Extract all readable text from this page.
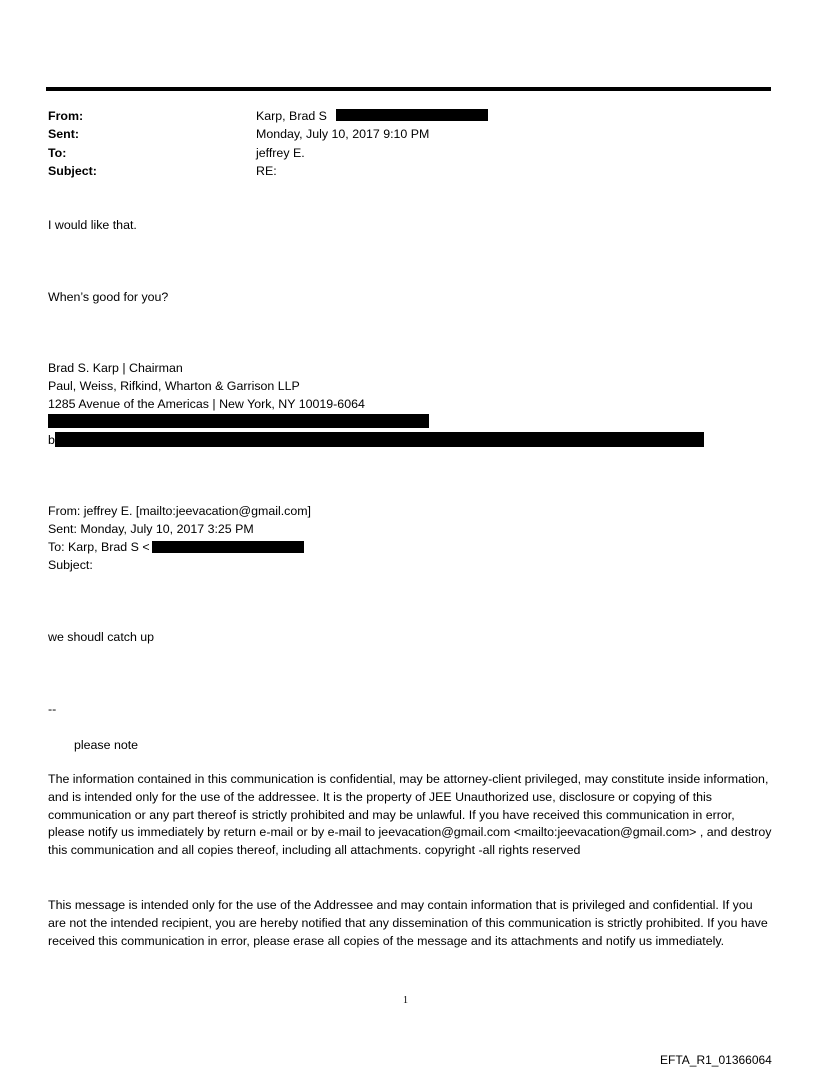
From:	Karp, Brad S
Sent:	Monday, July 10, 2017 9:10 PM
To:	jeffrey E.
Subject:	RE:
I would like that.
When’s good for you?
Brad S. Karp | Chairman
Paul, Weiss, Rifkind, Wharton & Garrison LLP
1285 Avenue of the Americas | New York, NY 10019-6064
b
From: jeffrey E. [mailto:jeevacation@gmail.com]
Sent: Monday, July 10, 2017 3:25 PM
To: Karp, Brad S <
Subject:
we shoudl catch up
--
please note
The information contained in this communication is confidential, may be attorney-client privileged, may constitute inside information, and is intended only for the use of the addressee. It is the property of JEE Unauthorized use, disclosure or copying of this communication or any part thereof is strictly prohibited and may be unlawful. If you have received this communication in error, please notify us immediately by return e-mail or by e-mail to jeevacation@gmail.com <mailto:jeevacation@gmail.com> , and destroy this communication and all copies thereof, including all attachments. copyright -all rights reserved
This message is intended only for the use of the Addressee and may contain information that is privileged and confidential. If you are not the intended recipient, you are hereby notified that any dissemination of this communication is strictly prohibited. If you have received this communication in error, please erase all copies of the message and its attachments and notify us immediately.
1
EFTA_R1_01366064
